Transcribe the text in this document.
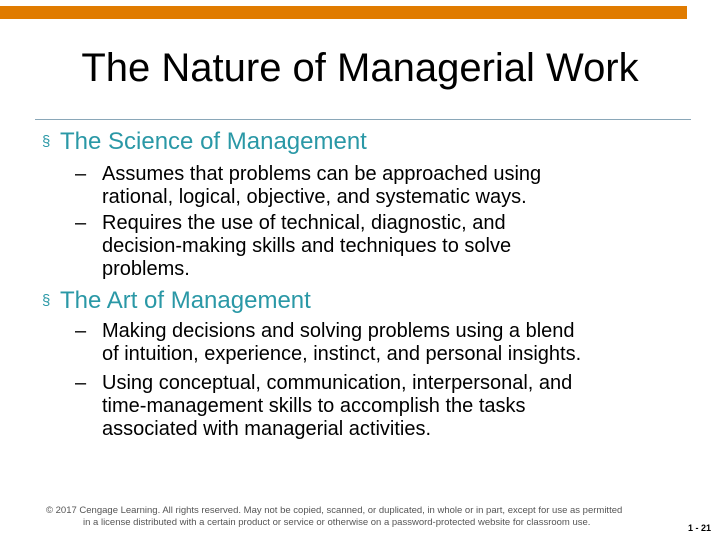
The Nature of Managerial Work
§ The Science of Management
– Assumes that problems can be approached using
rational, logical, objective, and systematic ways.
– Requires the use of technical, diagnostic, and
decision-making skills and techniques to solve
problems.
§ The Art of Management
– Making decisions and solving problems using a blend
of intuition, experience, instinct, and personal insights.
– Using conceptual, communication, interpersonal, and
time-management skills to accomplish the tasks
associated with managerial activities.
© 2017 Cengage Learning. All rights reserved. May not be copied, scanned, or duplicated, in whole or in part, except for use as permitted
in a license distributed with a certain product or service or otherwise on a password-protected website for classroom use.	1 - 21
